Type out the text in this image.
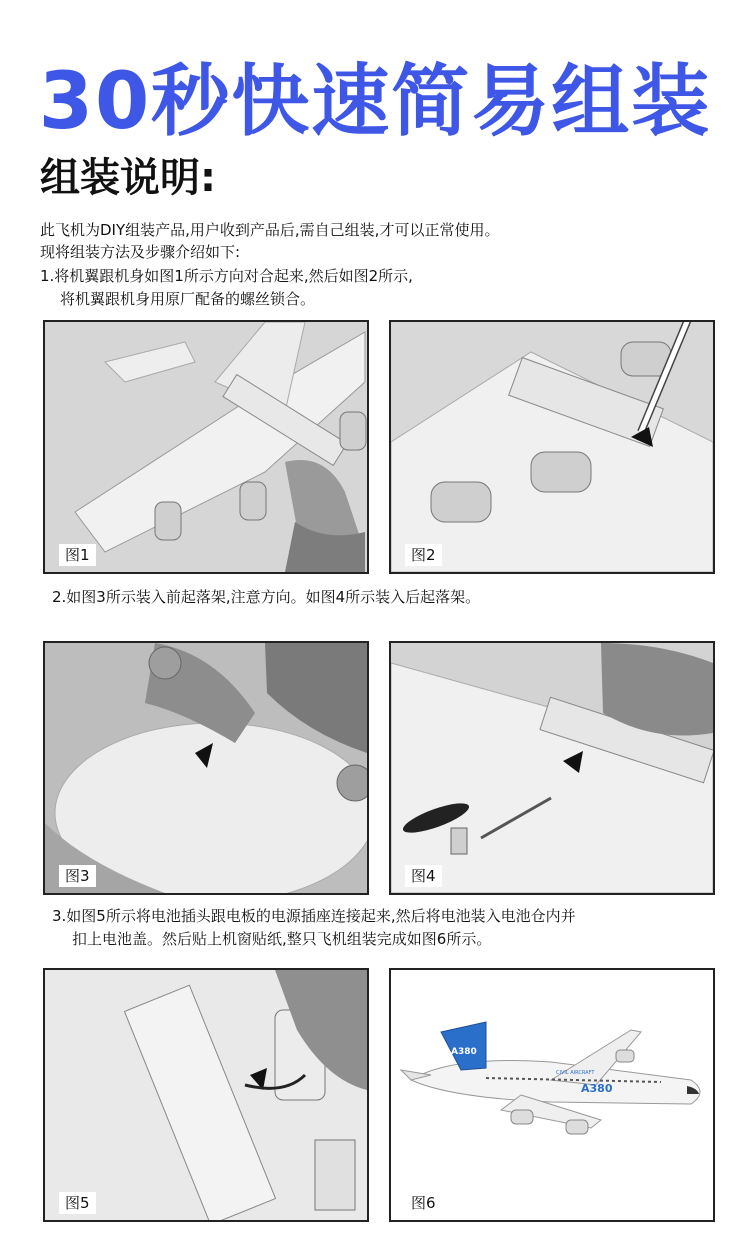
30秒快速简易组装
组装说明:
此飞机为DIY组装产品,用户收到产品后,需自己组装,才可以正常使用。
现将组装方法及步骤介绍如下:
1.将机翼跟机身如图1所示方向对合起来,然后如图2所示,
将机翼跟机身用原厂配备的螺丝锁合。
图1	图2
2.如图3所示装入前起落架,注意方向。如图4所示装入后起落架。
图3	图4
3.如图5所示将电池插头跟电板的电源插座连接起来,然后将电池装入电池仓内并
扣上电池盖。然后贴上机窗贴纸,整只飞机组装完成如图6所示。
图5
A380
A380
CIVIL AIRCRAFT
图6
